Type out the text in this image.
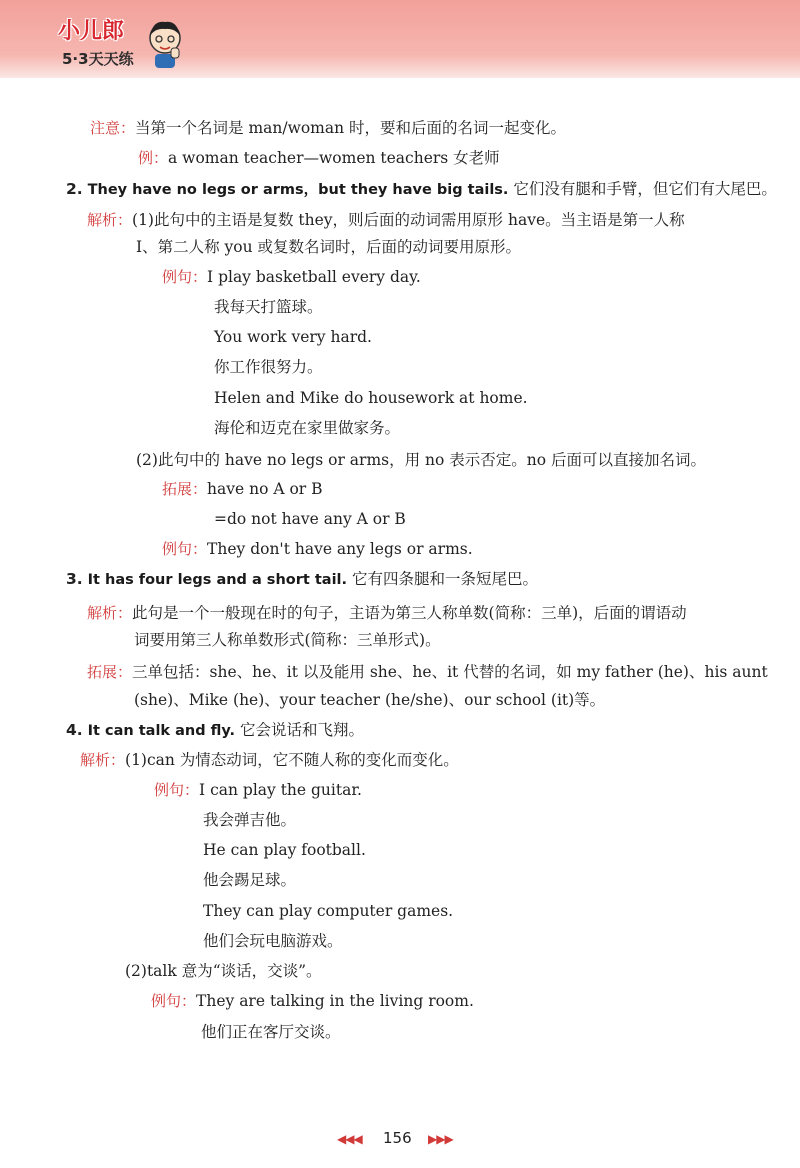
小儿郎
5·3天天练
注意：当第一个名词是 man/woman 时，要和后面的名词一起变化。
例：a woman teacher—women teachers 女老师
2. They have no legs or arms，but they have big tails. 它们没有腿和手臂，但它们有大尾巴。
解析：(1)此句中的主语是复数 they，则后面的动词需用原形 have。当主语是第一人称
I、第二人称 you 或复数名词时，后面的动词要用原形。
例句：I play basketball every day.
我每天打篮球。
You work very hard.
你工作很努力。
Helen and Mike do housework at home.
海伦和迈克在家里做家务。
(2)此句中的 have no legs or arms，用 no 表示否定。no 后面可以直接加名词。
拓展：have no A or B
=do not have any A or B
例句：They don't have any legs or arms.
3. It has four legs and a short tail. 它有四条腿和一条短尾巴。
解析：此句是一个一般现在时的句子，主语为第三人称单数(简称：三单)，后面的谓语动
词要用第三人称单数形式(简称：三单形式)。
拓展：三单包括：she、he、it 以及能用 she、he、it 代替的名词，如 my father (he)、his aunt
(she)、Mike (he)、your teacher (he/she)、our school (it)等。
4. It can talk and fly. 它会说话和飞翔。
解析：(1)can 为情态动词，它不随人称的变化而变化。
例句：I can play the guitar.
我会弹吉他。
He can play football.
他会踢足球。
They can play computer games.
他们会玩电脑游戏。
(2)talk 意为“谈话，交谈”。
例句：They are talking in the living room.
他们正在客厅交谈。
◀◀◀ 156 ▶▶▶
